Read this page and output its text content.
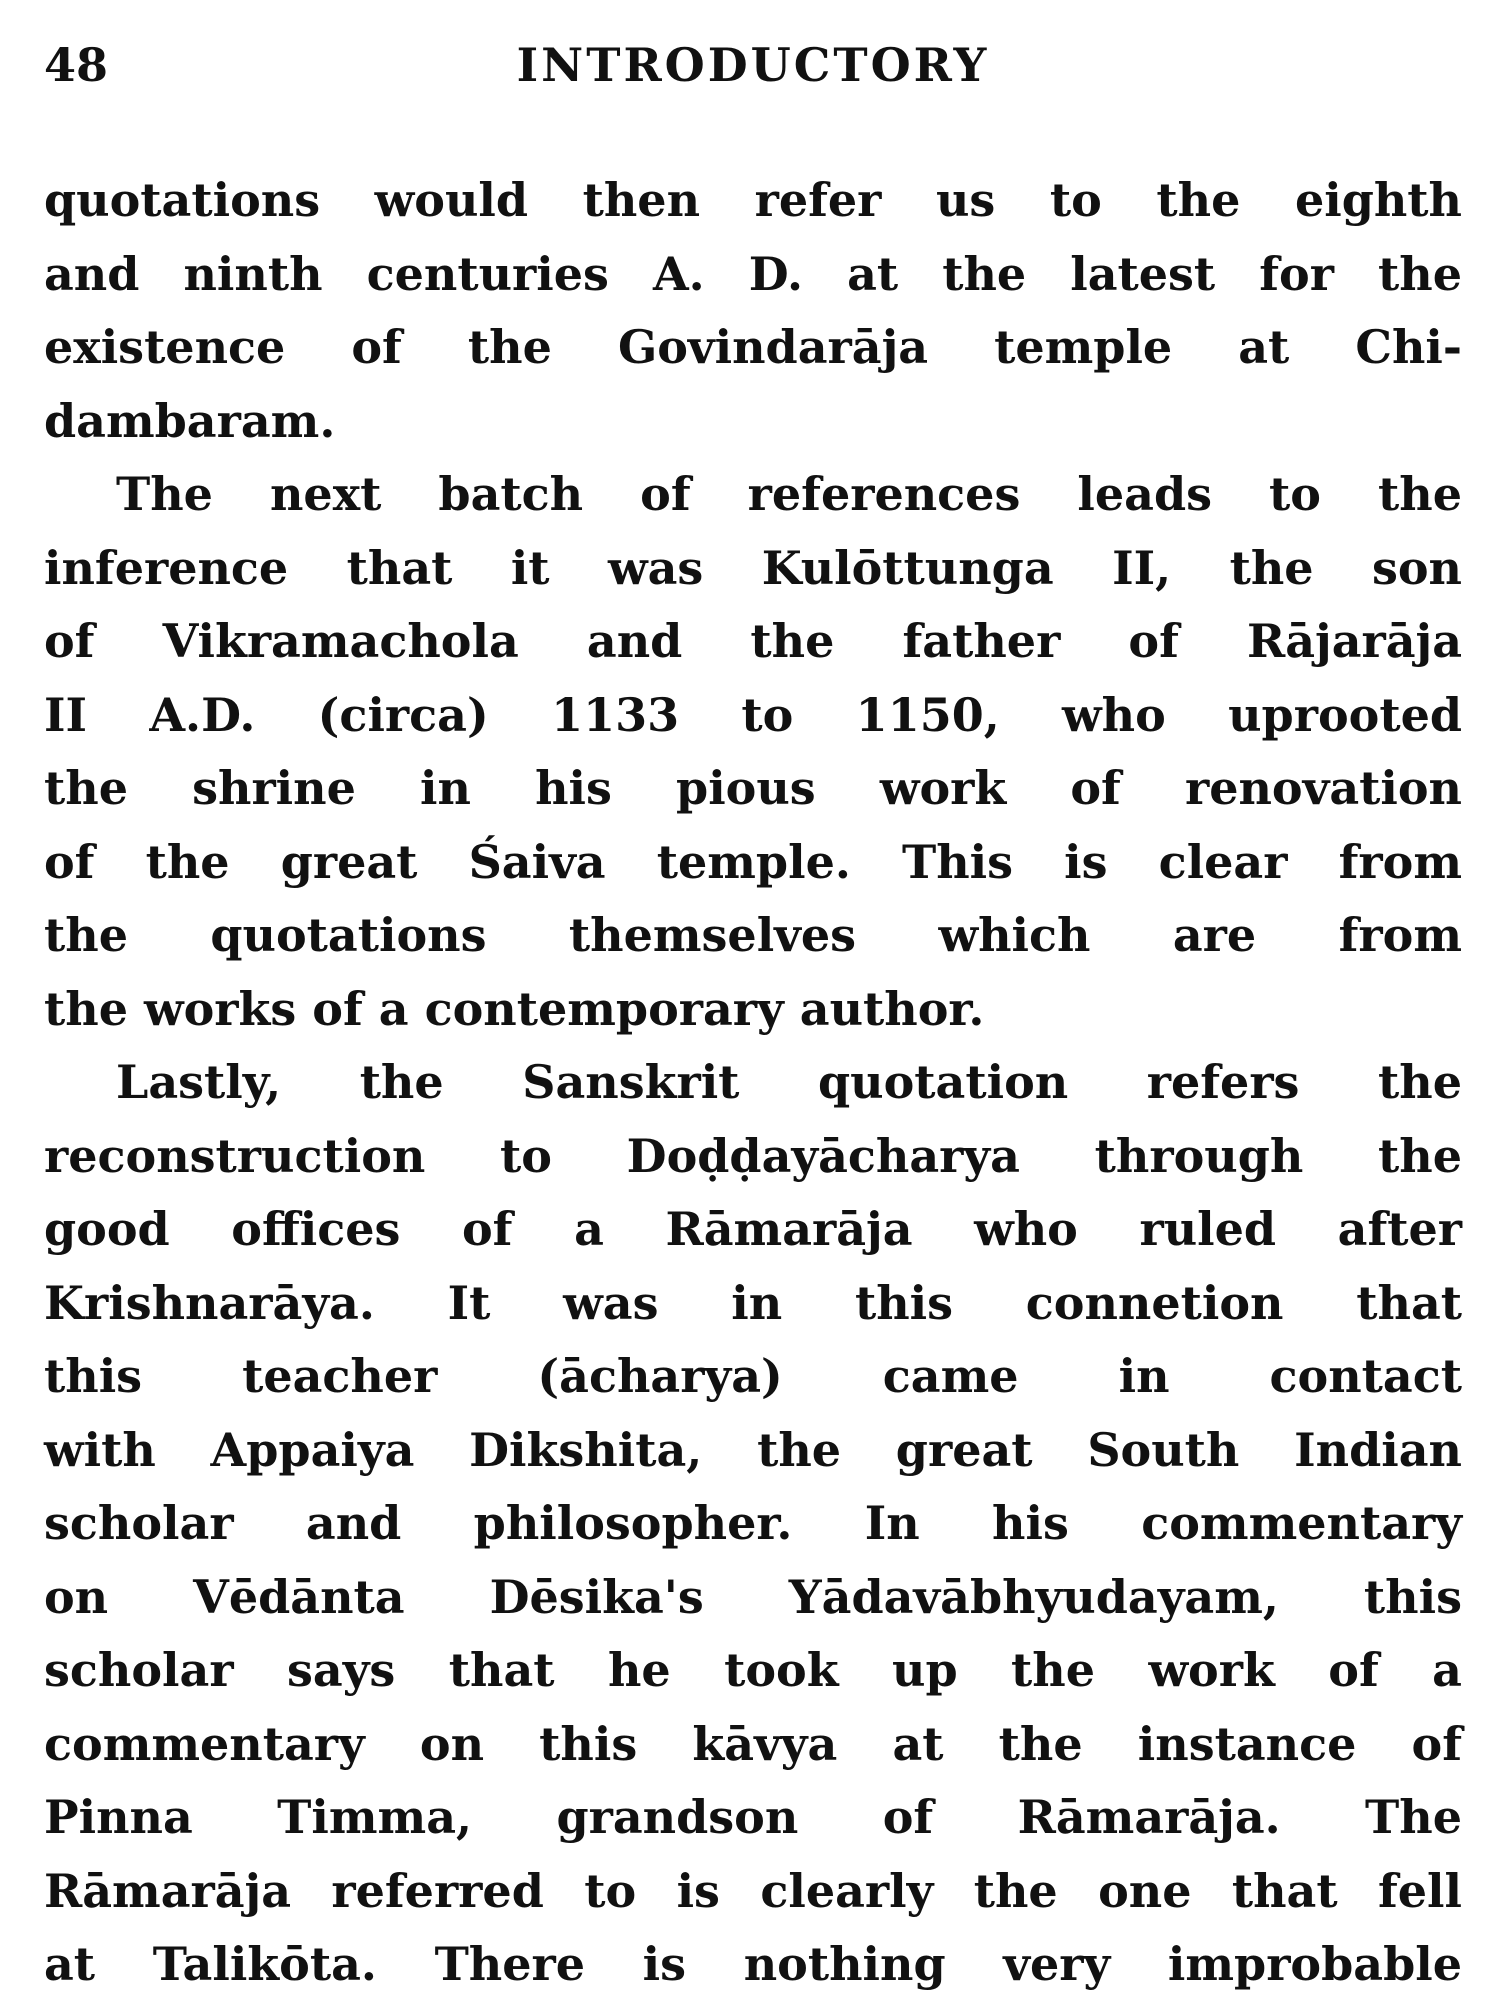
48	INTRODUCTORY
quotations would then refer us to the eighth
and ninth centuries A. D. at the latest for the
existence of the Govindarāja temple at Chi-
dambaram.
The next batch of references leads to the
inference that it was Kulōttunga II, the son
of Vikramachola and the father of Rājarāja
II A.D. (circa) 1133 to 1150, who uprooted
the shrine in his pious work of renovation
of the great Śaiva temple. This is clear from
the quotations themselves which are from
the works of a contemporary author.
Lastly, the Sanskrit quotation refers the
reconstruction to Doḍḍayācharya through the
good offices of a Rāmarāja who ruled after
Krishnarāya. It was in this connetion that
this teacher (ācharya) came in contact
with Appaiya Dikshita, the great South Indian
scholar and philosopher. In his commentary
on Vēdānta Dēsika's Yādavābhyudayam, this
scholar says that he took up the work of a
commentary on this kāvya at the instance of
Pinna Timma, grandson of Rāmarāja. The
Rāmarāja referred to is clearly the one that fell
at Talikōta. There is nothing very improbable
